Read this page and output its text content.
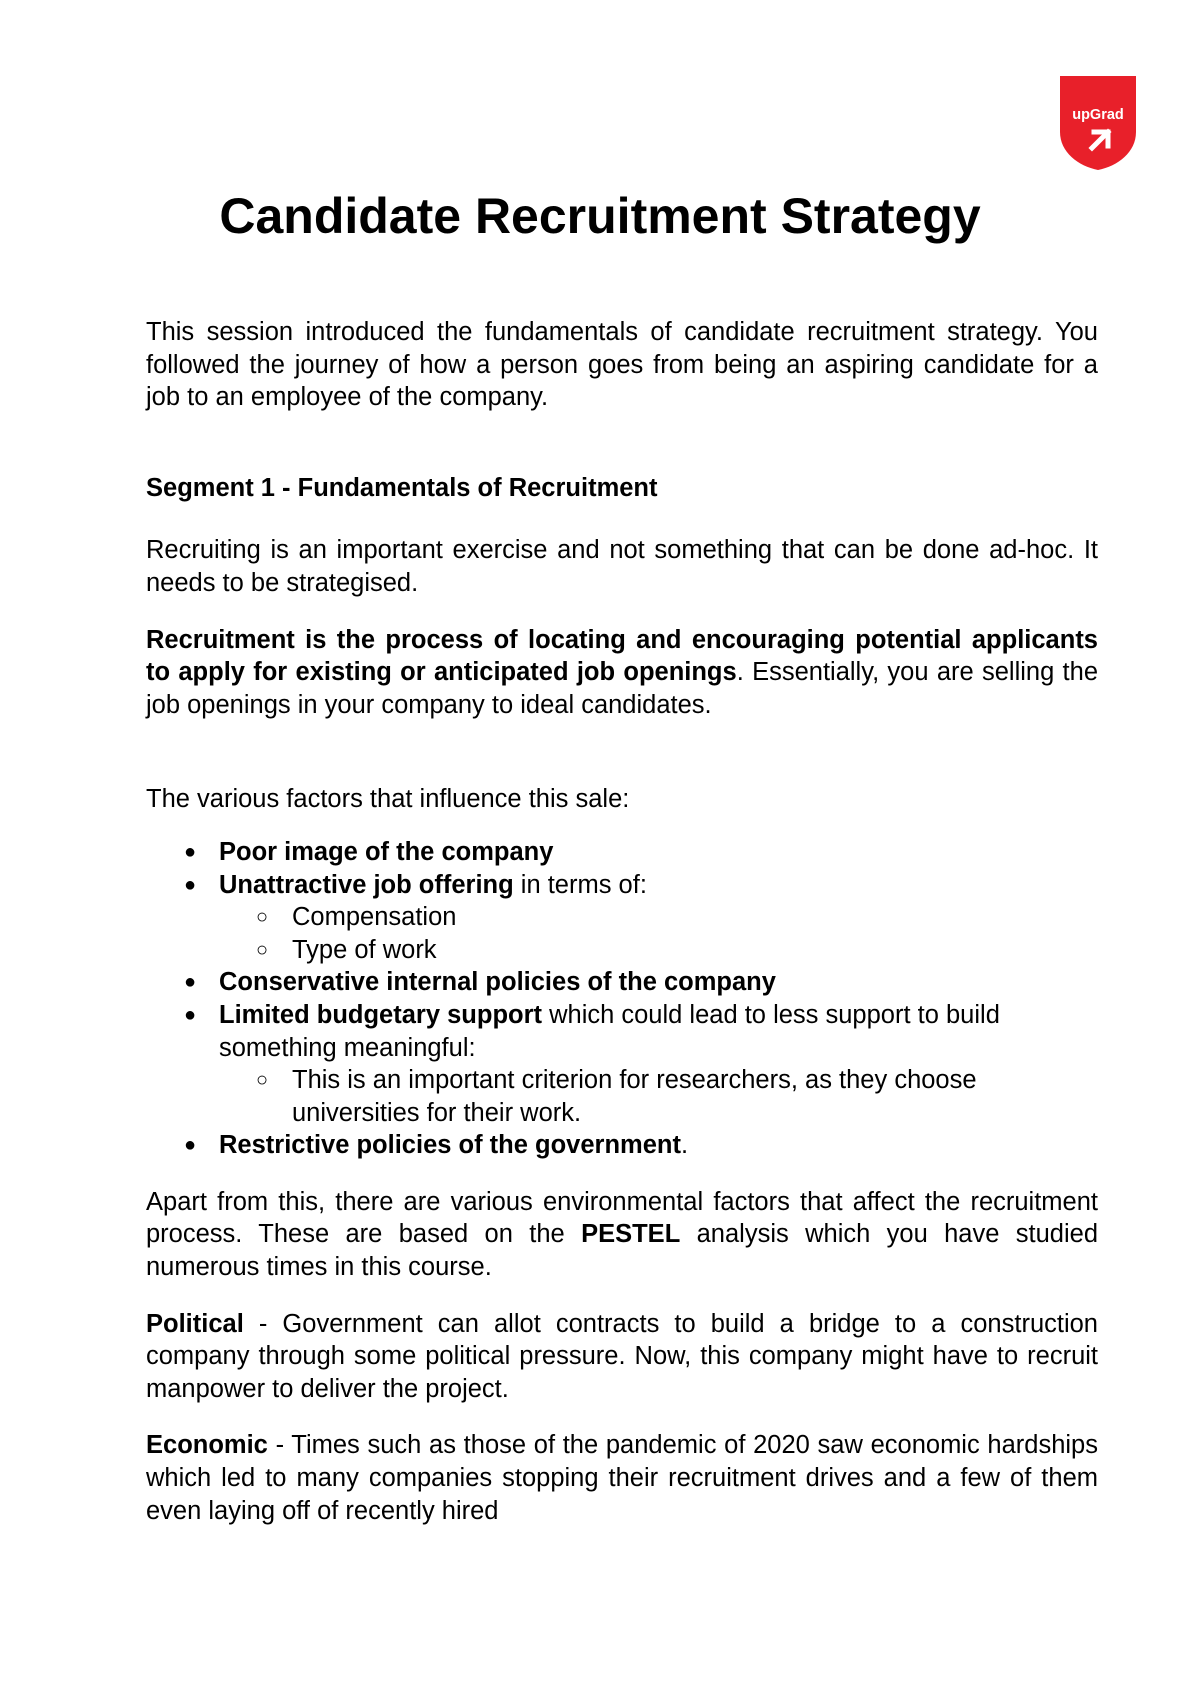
upGrad
Candidate Recruitment Strategy

This session introduced the fundamentals of candidate recruitment strategy. You followed the journey of how a person goes from being an aspiring candidate for a job to an employee of the company.

Segment 1 - Fundamentals of Recruitment

Recruiting is an important exercise and not something that can be done ad-hoc. It needs to be strategised.

Recruitment is the process of locating and encouraging potential applicants to apply for existing or anticipated job openings. Essentially, you are selling the job openings in your company to ideal candidates.

The various factors that influence this sale:

● Poor image of the company
● Unattractive job offering in terms of:
○ Compensation
○ Type of work
● Conservative internal policies of the company
● Limited budgetary support which could lead to less support to build something meaningful:
○ This is an important criterion for researchers, as they choose universities for their work.
● Restrictive policies of the government.

Apart from this, there are various environmental factors that affect the recruitment process. These are based on the PESTEL analysis which you have studied numerous times in this course.

Political - Government can allot contracts to build a bridge to a construction company through some political pressure. Now, this company might have to recruit manpower to deliver the project.

Economic - Times such as those of the pandemic of 2020 saw economic hardships which led to many companies stopping their recruitment drives and a few of them even laying off of recently hired
